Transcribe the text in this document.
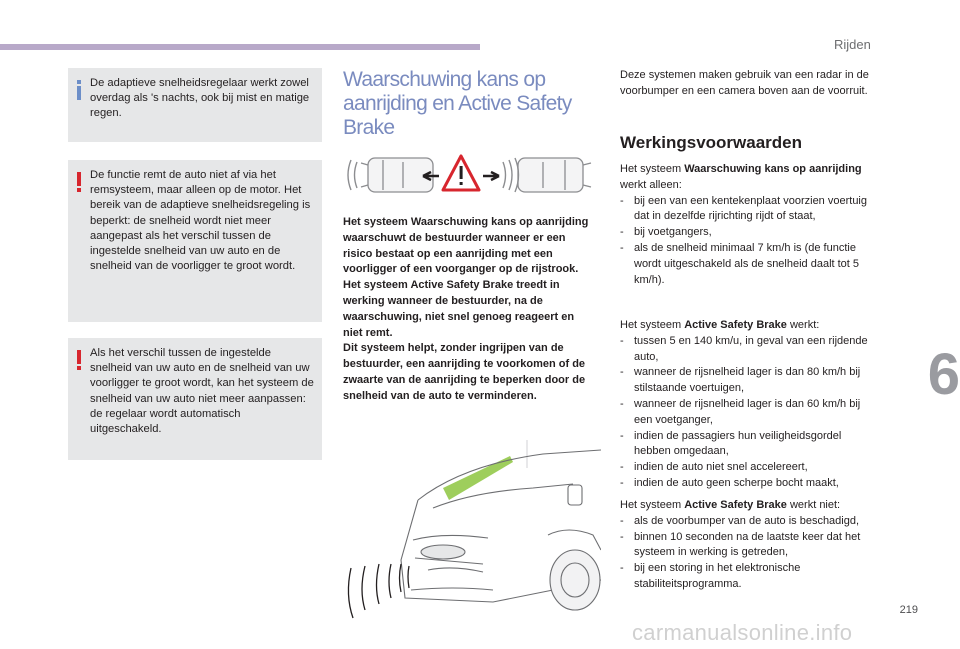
Rijden
De adaptieve snelheidsregelaar werkt zowel overdag als 's nachts, ook bij mist en matige regen.
De functie remt de auto niet af via het remsysteem, maar alleen op de motor. Het bereik van de adaptieve snelheidsregeling is beperkt: de snelheid wordt niet meer aangepast als het verschil tussen de ingestelde snelheid van uw auto en de snelheid van de voorligger te groot wordt.
Als het verschil tussen de ingestelde snelheid van uw auto en de snelheid van uw voorligger te groot wordt, kan het systeem de snelheid van uw auto niet meer aanpassen: de regelaar wordt automatisch uitgeschakeld.
Waarschuwing kans op aanrijding en Active Safety Brake
Het systeem Waarschuwing kans op aanrijding waarschuwt de bestuurder wanneer er een risico bestaat op een aanrijding met een voorligger of een voorganger op de rijstrook.
Het systeem Active Safety Brake treedt in werking wanneer de bestuurder, na de waarschuwing, niet snel genoeg reageert en niet remt.
Dit systeem helpt, zonder ingrijpen van de bestuurder, een aanrijding te voorkomen of de zwaarte van de aanrijding te beperken door de snelheid van de auto te verminderen.
Deze systemen maken gebruik van een radar in de voorbumper en een camera boven aan de voorruit.
Werkingsvoorwaarden

Het systeem Waarschuwing kans op aanrijding werkt alleen:

- bij een van een kentekenplaat voorzien voertuig dat in dezelfde rijrichting rijdt of staat,
- bij voetgangers,
- als de snelheid minimaal 7 km/h is (de functie wordt uitgeschakeld als de snelheid daalt tot 5 km/h).

Het systeem Active Safety Brake werkt:

- tussen 5 en 140 km/u, in geval van een rijdende auto,
- wanneer de rijsnelheid lager is dan 80 km/h bij stilstaande voertuigen,
- wanneer de rijsnelheid lager is dan 60 km/h bij een voetganger,
- indien de passagiers hun veiligheidsgordel hebben omgedaan,
- indien de auto niet snel accelereert,
- indien de auto geen scherpe bocht maakt,

Het systeem Active Safety Brake werkt niet:

- als de voorbumper van de auto is beschadigd,
- binnen 10 seconden na de laatste keer dat het systeem in werking is getreden,
- bij een storing in het elektronische stabiliteitsprogramma.
6
219
carmanualsonline.info
